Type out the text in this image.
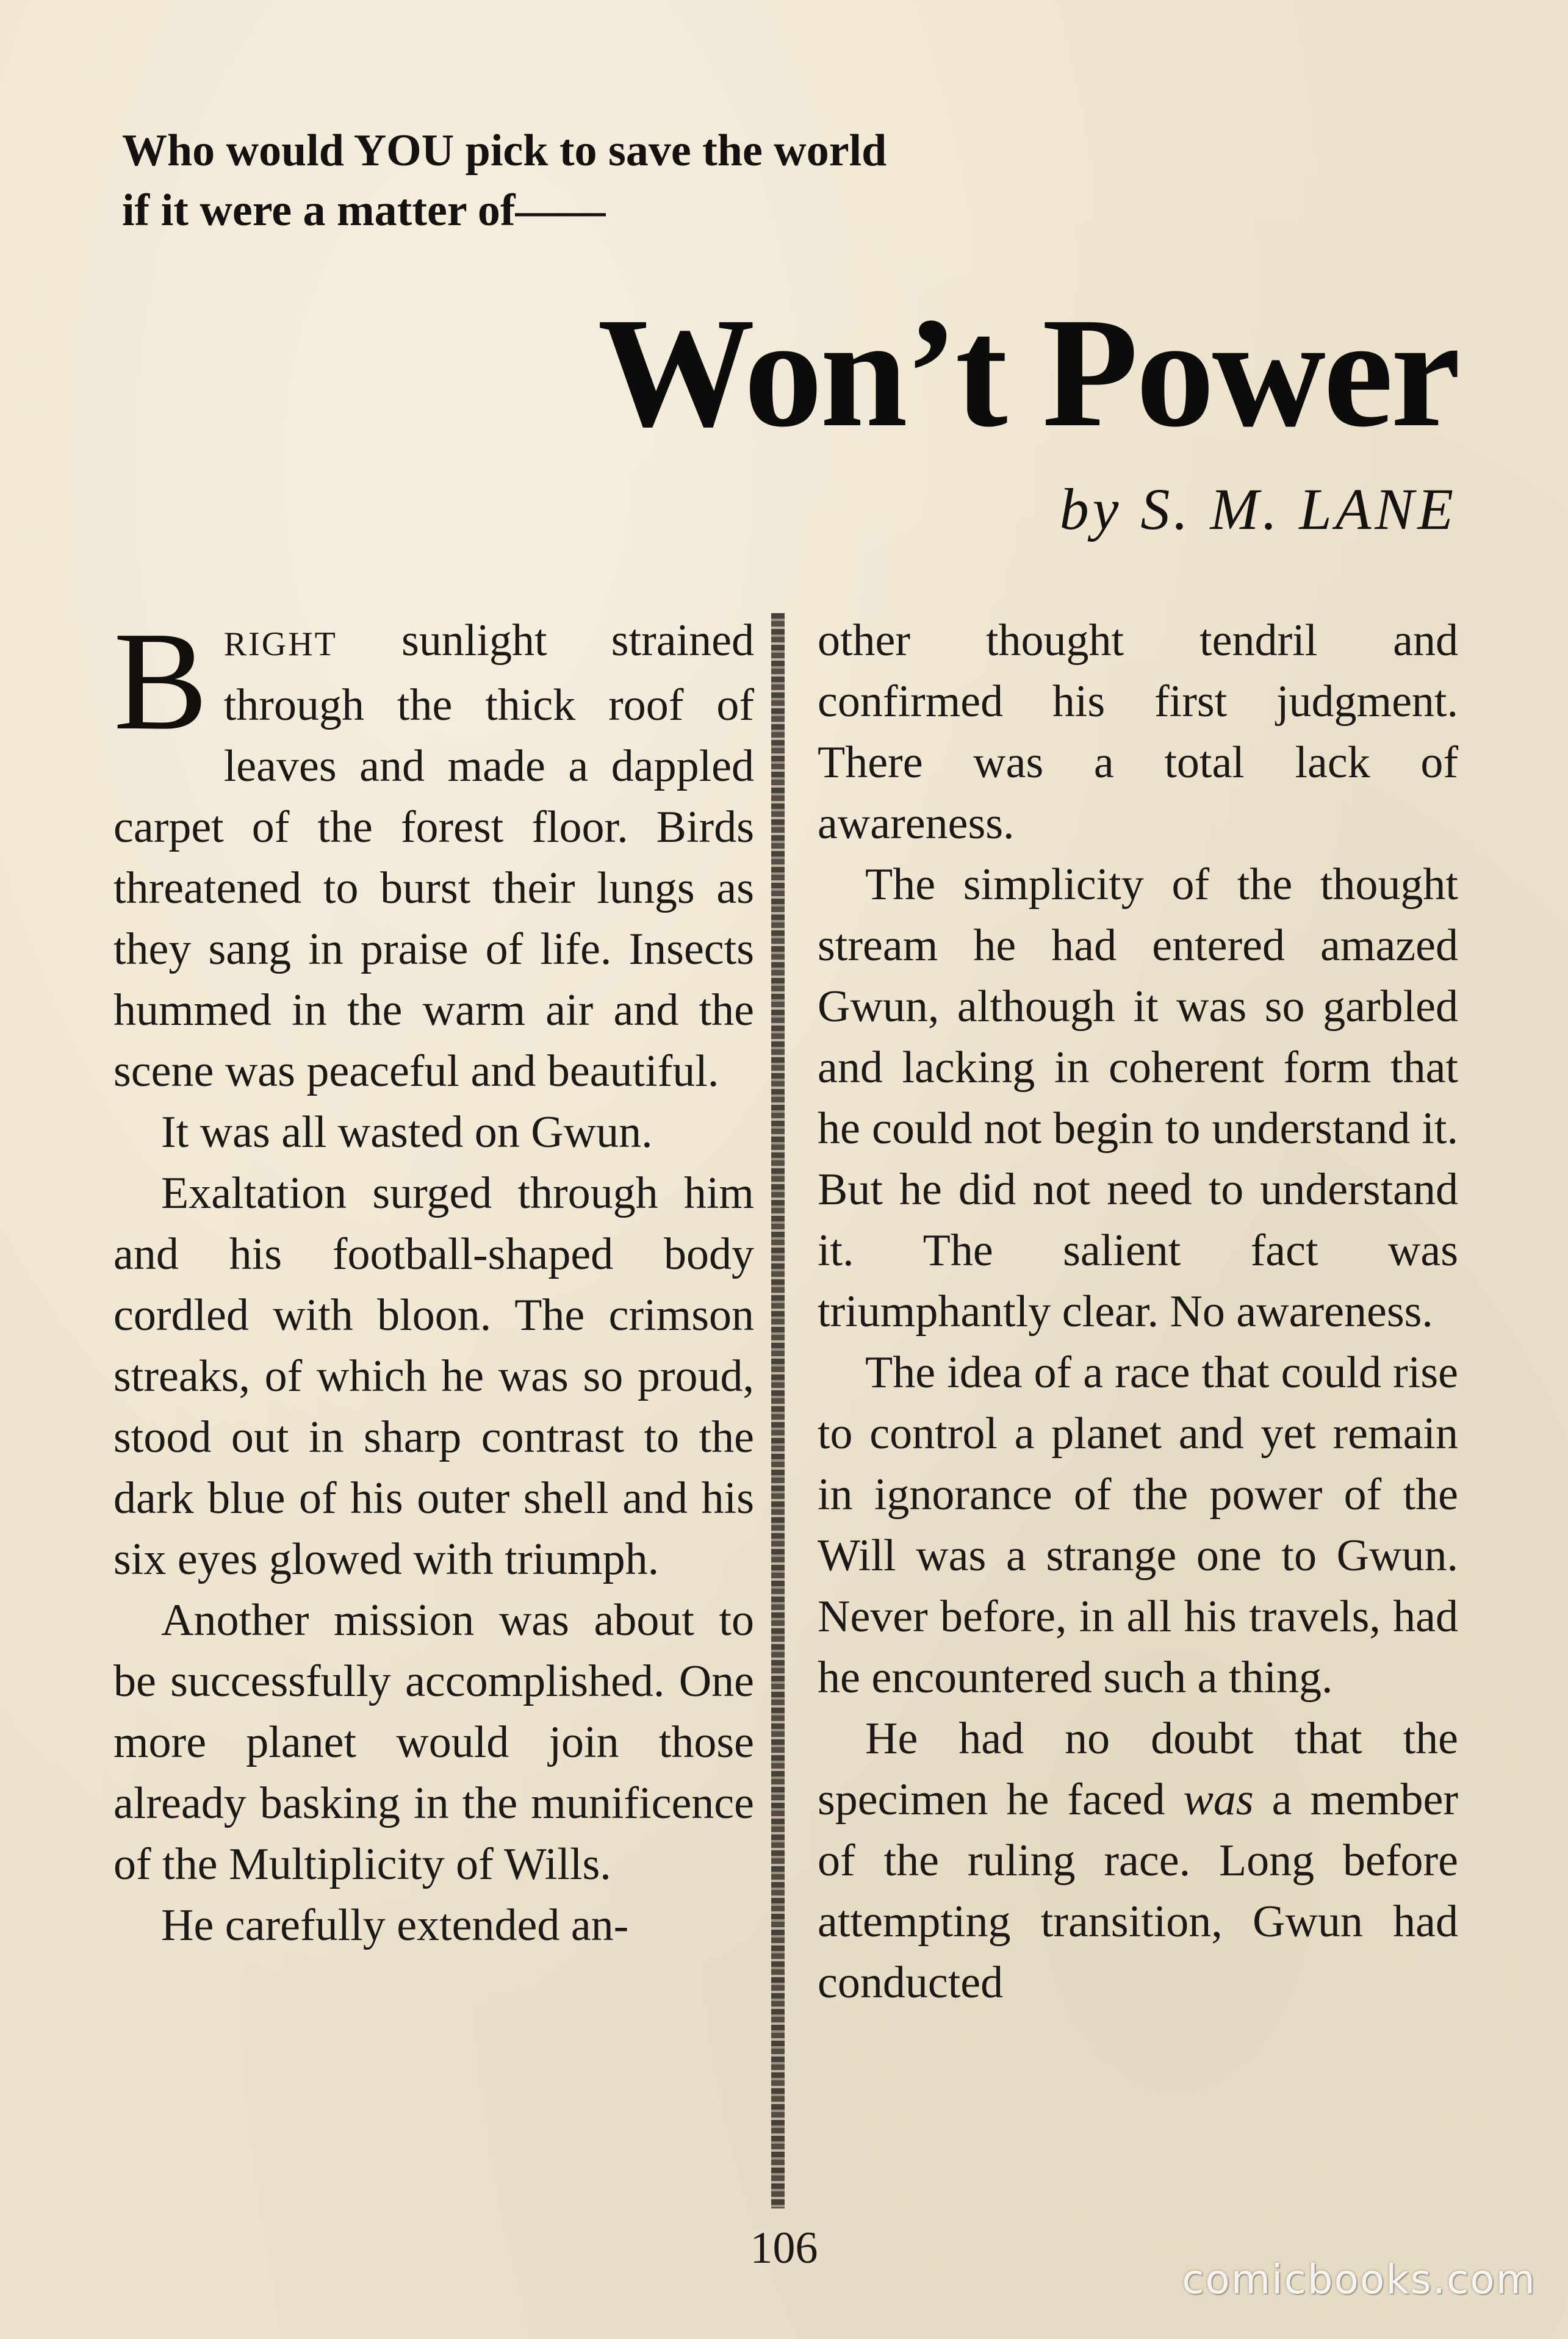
Who would YOU pick to save the world
if it were a matter of——
Won’t Power
by S. M. LANE

BRIGHT sunlight strained through the thick roof of leaves and made a dappled carpet of the forest floor. Birds threatened to burst their lungs as they sang in praise of life. Insects hummed in the warm air and the scene was peaceful and beautiful.

It was all wasted on Gwun.

Exaltation surged through him and his football-shaped body cordled with bloon. The crimson streaks, of which he was so proud, stood out in sharp contrast to the dark blue of his outer shell and his six eyes glowed with triumph.

Another mission was about to be successfully accomplished. One more planet would join those already basking in the munificence of the Multiplicity of Wills.

He carefully extended an-

other thought tendril and confirmed his first judgment. There was a total lack of awareness.

The simplicity of the thought stream he had entered amazed Gwun, although it was so garbled and lacking in coherent form that he could not begin to understand it. But he did not need to understand it. The salient fact was triumphantly clear. No awareness.

The idea of a race that could rise to control a planet and yet remain in ignorance of the power of the Will was a strange one to Gwun. Never before, in all his travels, had he encountered such a thing.

He had no doubt that the specimen he faced was a member of the ruling race. Long before attempting transition, Gwun had conducted

106
comicbooks.com
